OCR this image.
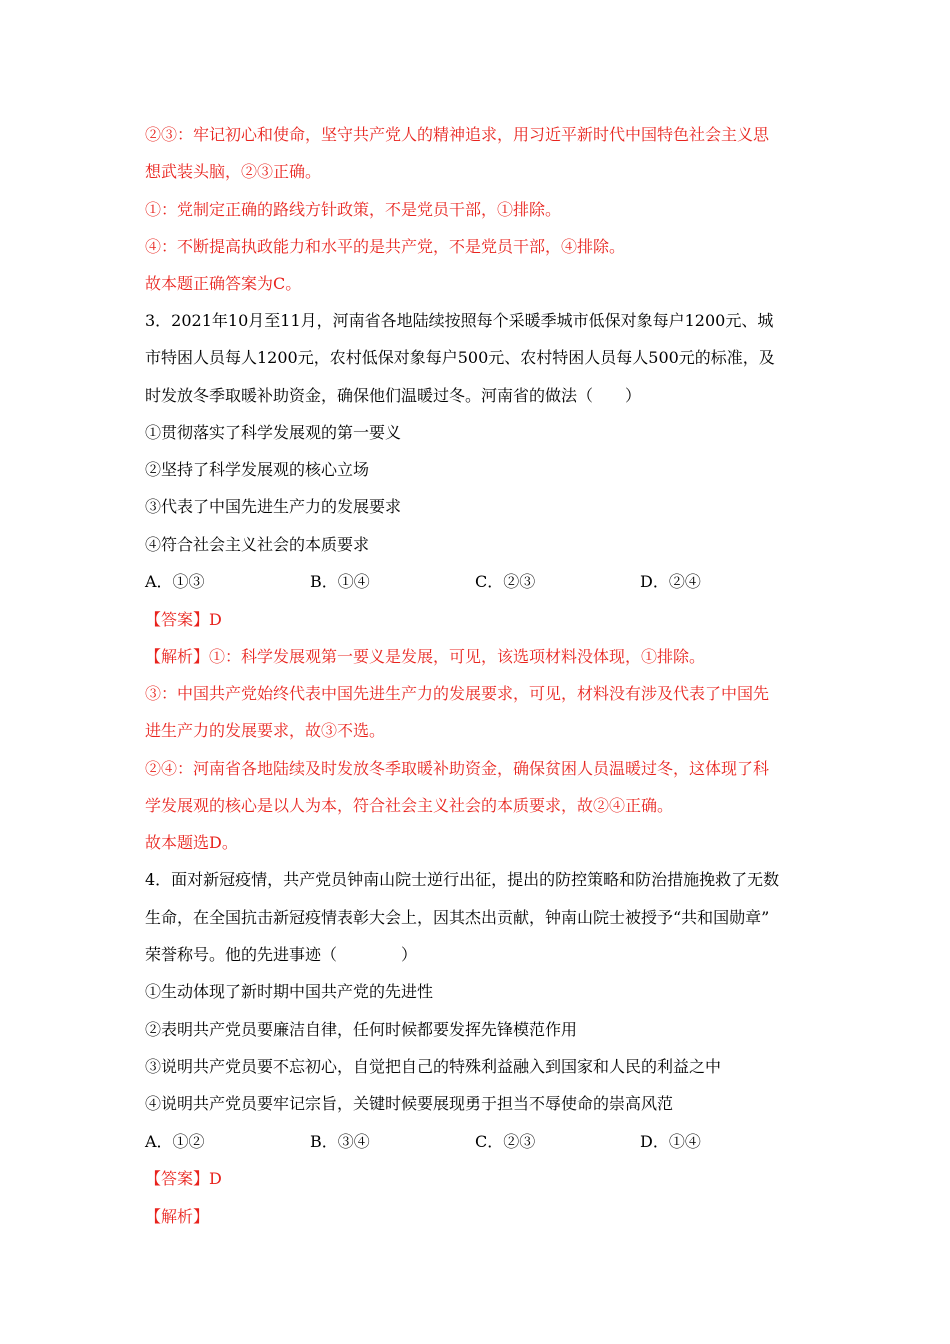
②③：牢记初心和使命，坚守共产党人的精神追求，用习近平新时代中国特色社会主义思
想武装头脑，②③正确。
①：党制定正确的路线方针政策，不是党员干部，①排除。
④：不断提高执政能力和水平的是共产党，不是党员干部，④排除。
故本题正确答案为C。
3．2021年10月至11月，河南省各地陆续按照每个采暖季城市低保对象每户1200元、城
市特困人员每人1200元，农村低保对象每户500元、农村特困人员每人500元的标准，及
时发放冬季取暖补助资金，确保他们温暖过冬。河南省的做法（　　）
①贯彻落实了科学发展观的第一要义
②坚持了科学发展观的核心立场
③代表了中国先进生产力的发展要求
④符合社会主义社会的本质要求
A．①③	B．①④	C．②③	D．②④
【答案】D
【解析】①：科学发展观第一要义是发展，可见，该选项材料没体现，①排除。
③：中国共产党始终代表中国先进生产力的发展要求，可见，材料没有涉及代表了中国先
进生产力的发展要求，故③不选。
②④：河南省各地陆续及时发放冬季取暖补助资金，确保贫困人员温暖过冬，这体现了科
学发展观的核心是以人为本，符合社会主义社会的本质要求，故②④正确。
故本题选D。
4．面对新冠疫情，共产党员钟南山院士逆行出征，提出的防控策略和防治措施挽救了无数
生命，在全国抗击新冠疫情表彰大会上，因其杰出贡献，钟南山院士被授予“共和国勋章”
荣誉称号。他的先进事迹（　　　　）
①生动体现了新时期中国共产党的先进性
②表明共产党员要廉洁自律，任何时候都要发挥先锋模范作用
③说明共产党员要不忘初心，自觉把自己的特殊利益融入到国家和人民的利益之中
④说明共产党员要牢记宗旨，关键时候要展现勇于担当不辱使命的崇高风范
A．①②	B．③④	C．②③	D．①④
【答案】D
【解析】
